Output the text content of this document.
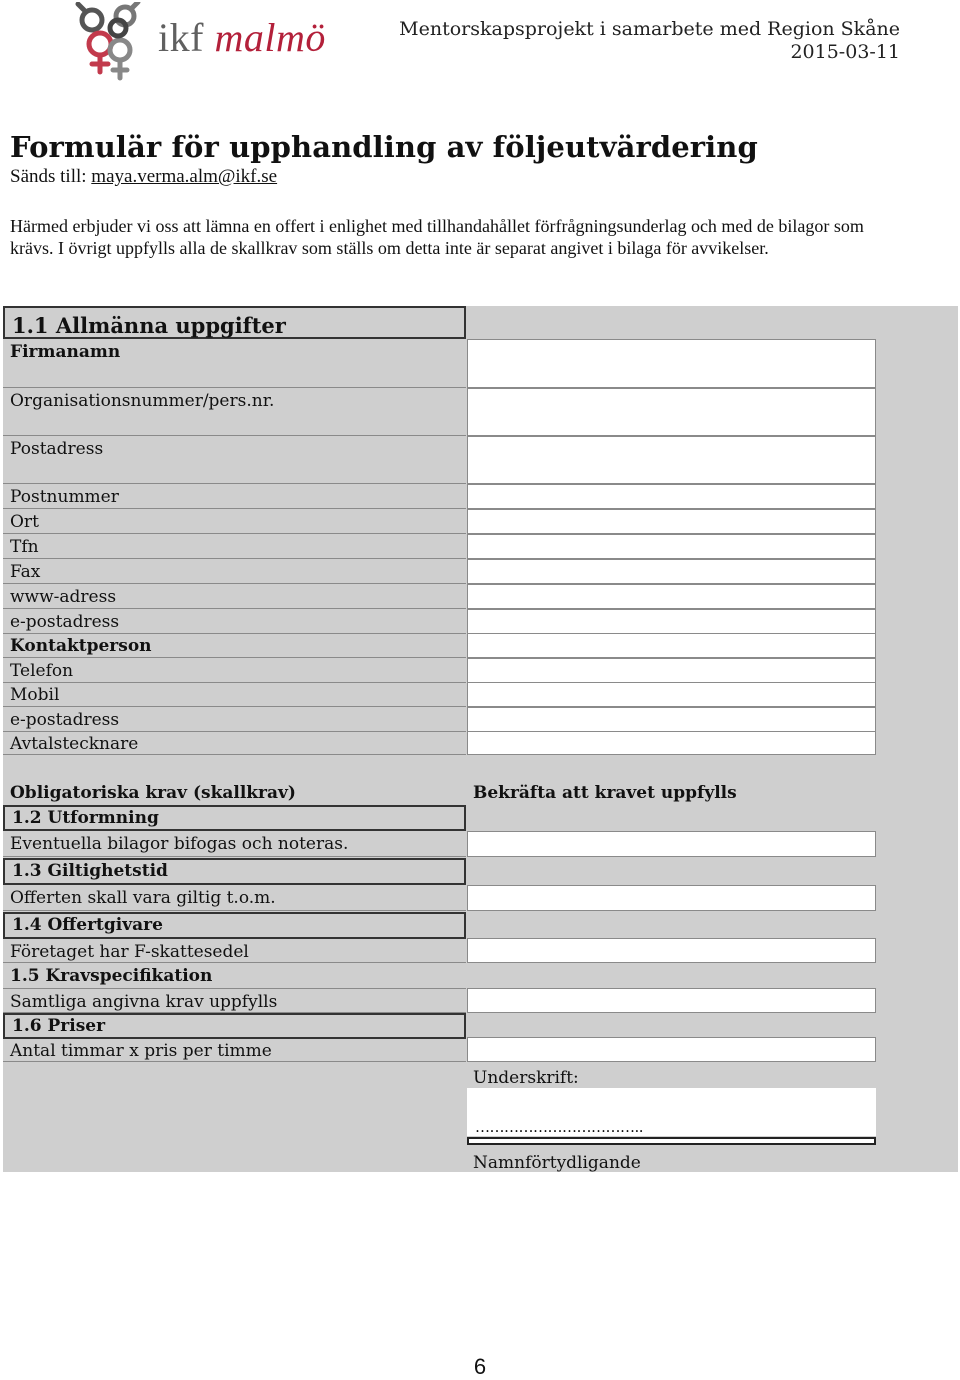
ikf malmö	Mentorskapsprojekt i samarbete med Region Skåne
2015-03-11
Formulär för upphandling av följeutvärdering
Sänds till: maya.verma.alm@ikf.se
Härmed erbjuder vi oss att lämna en offert i enlighet med tillhandahållet förfrågningsunderlag och med de bilagor som krävs. I övrigt uppfylls alla de skallkrav som ställs om detta inte är separat angivet i bilaga för avvikelser.
1.1 Allmänna uppgifter
Firmanamn
Organisationsnummer/pers.nr.
Postadress
Postnummer
Ort
Tfn
Fax
www-adress
e-postadress
Kontaktperson
Telefon
Mobil
e-postadress
Avtalstecknare
Obligatoriska krav (skallkrav)	Bekräfta att kravet uppfylls
1.2 Utformning
Eventuella bilagor bifogas och noteras.
1.3 Giltighetstid
Offerten skall vara giltig t.o.m.
1.4 Offertgivare
Företaget har F-skattesedel
1.5 Kravspecifikation
Samtliga angivna krav uppfylls
1.6 Priser
Antal timmar x pris per timme
Underskrift:
……………………………..
Namnförtydligande
6
